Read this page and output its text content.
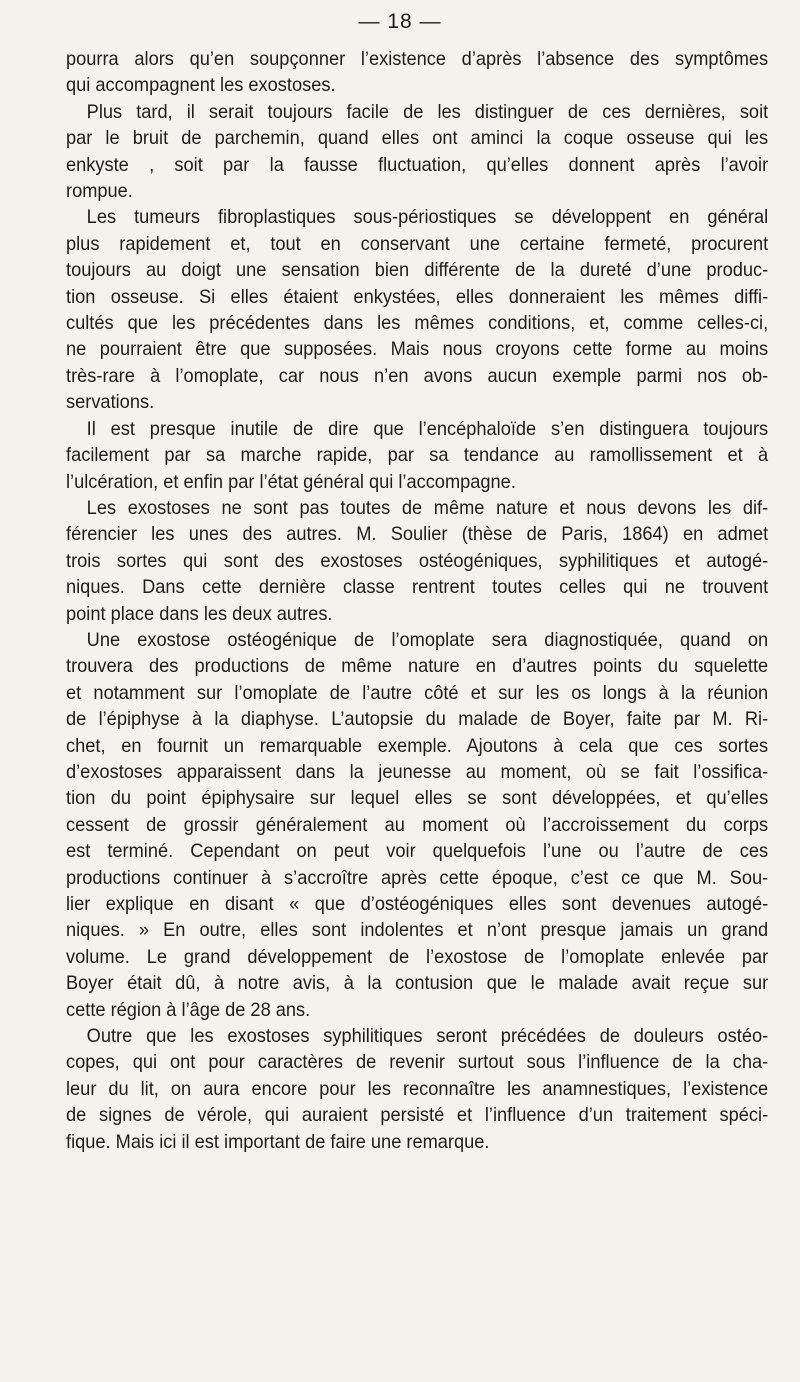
— 18 —
pourra alors qu’en soupçonner l’existence d’après l’absence des symptômes
qui accompagnent les exostoses.
Plus tard, il serait toujours facile de les distinguer de ces dernières, soit
par le bruit de parchemin, quand elles ont aminci la coque osseuse qui les
enkyste , soit par la fausse fluctuation, qu’elles donnent après l’avoir
rompue.
Les tumeurs fibroplastiques sous-périostiques se développent en général
plus rapidement et, tout en conservant une certaine fermeté, procurent
toujours au doigt une sensation bien différente de la dureté d’une produc-
tion osseuse. Si elles étaient enkystées, elles donneraient les mêmes diffi-
cultés que les précédentes dans les mêmes conditions, et, comme celles-ci,
ne pourraient être que supposées. Mais nous croyons cette forme au moins
très-rare à l’omoplate, car nous n’en avons aucun exemple parmi nos ob-
servations.
Il est presque inutile de dire que l’encéphaloïde s’en distinguera toujours
facilement par sa marche rapide, par sa tendance au ramollissement et à
l’ulcération, et enfin par l’état général qui l’accompagne.
Les exostoses ne sont pas toutes de même nature et nous devons les dif-
férencier les unes des autres. M. Soulier (thèse de Paris, 1864) en admet
trois sortes qui sont des exostoses ostéogéniques, syphilitiques et autogé-
niques. Dans cette dernière classe rentrent toutes celles qui ne trouvent
point place dans les deux autres.
Une exostose ostéogénique de l’omoplate sera diagnostiquée, quand on
trouvera des productions de même nature en d’autres points du squelette
et notamment sur l’omoplate de l’autre côté et sur les os longs à la réunion
de l’épiphyse à la diaphyse. L’autopsie du malade de Boyer, faite par M. Ri-
chet, en fournit un remarquable exemple. Ajoutons à cela que ces sortes
d’exostoses apparaissent dans la jeunesse au moment, où se fait l’ossifica-
tion du point épiphysaire sur lequel elles se sont développées, et qu’elles
cessent de grossir généralement au moment où l’accroissement du corps
est terminé. Cependant on peut voir quelquefois l’une ou l’autre de ces
productions continuer à s’accroître après cette époque, c’est ce que M. Sou-
lier explique en disant « que d’ostéogéniques elles sont devenues autogé-
niques. » En outre, elles sont indolentes et n’ont presque jamais un grand
volume. Le grand développement de l’exostose de l’omoplate enlevée par
Boyer était dû, à notre avis, à la contusion que le malade avait reçue sur
cette région à l’âge de 28 ans.
Outre que les exostoses syphilitiques seront précédées de douleurs ostéo-
copes, qui ont pour caractères de revenir surtout sous l’influence de la cha-
leur du lit, on aura encore pour les reconnaître les anamnestiques, l’existence
de signes de vérole, qui auraient persisté et l’influence d’un traitement spéci-
fique. Mais ici il est important de faire une remarque.
